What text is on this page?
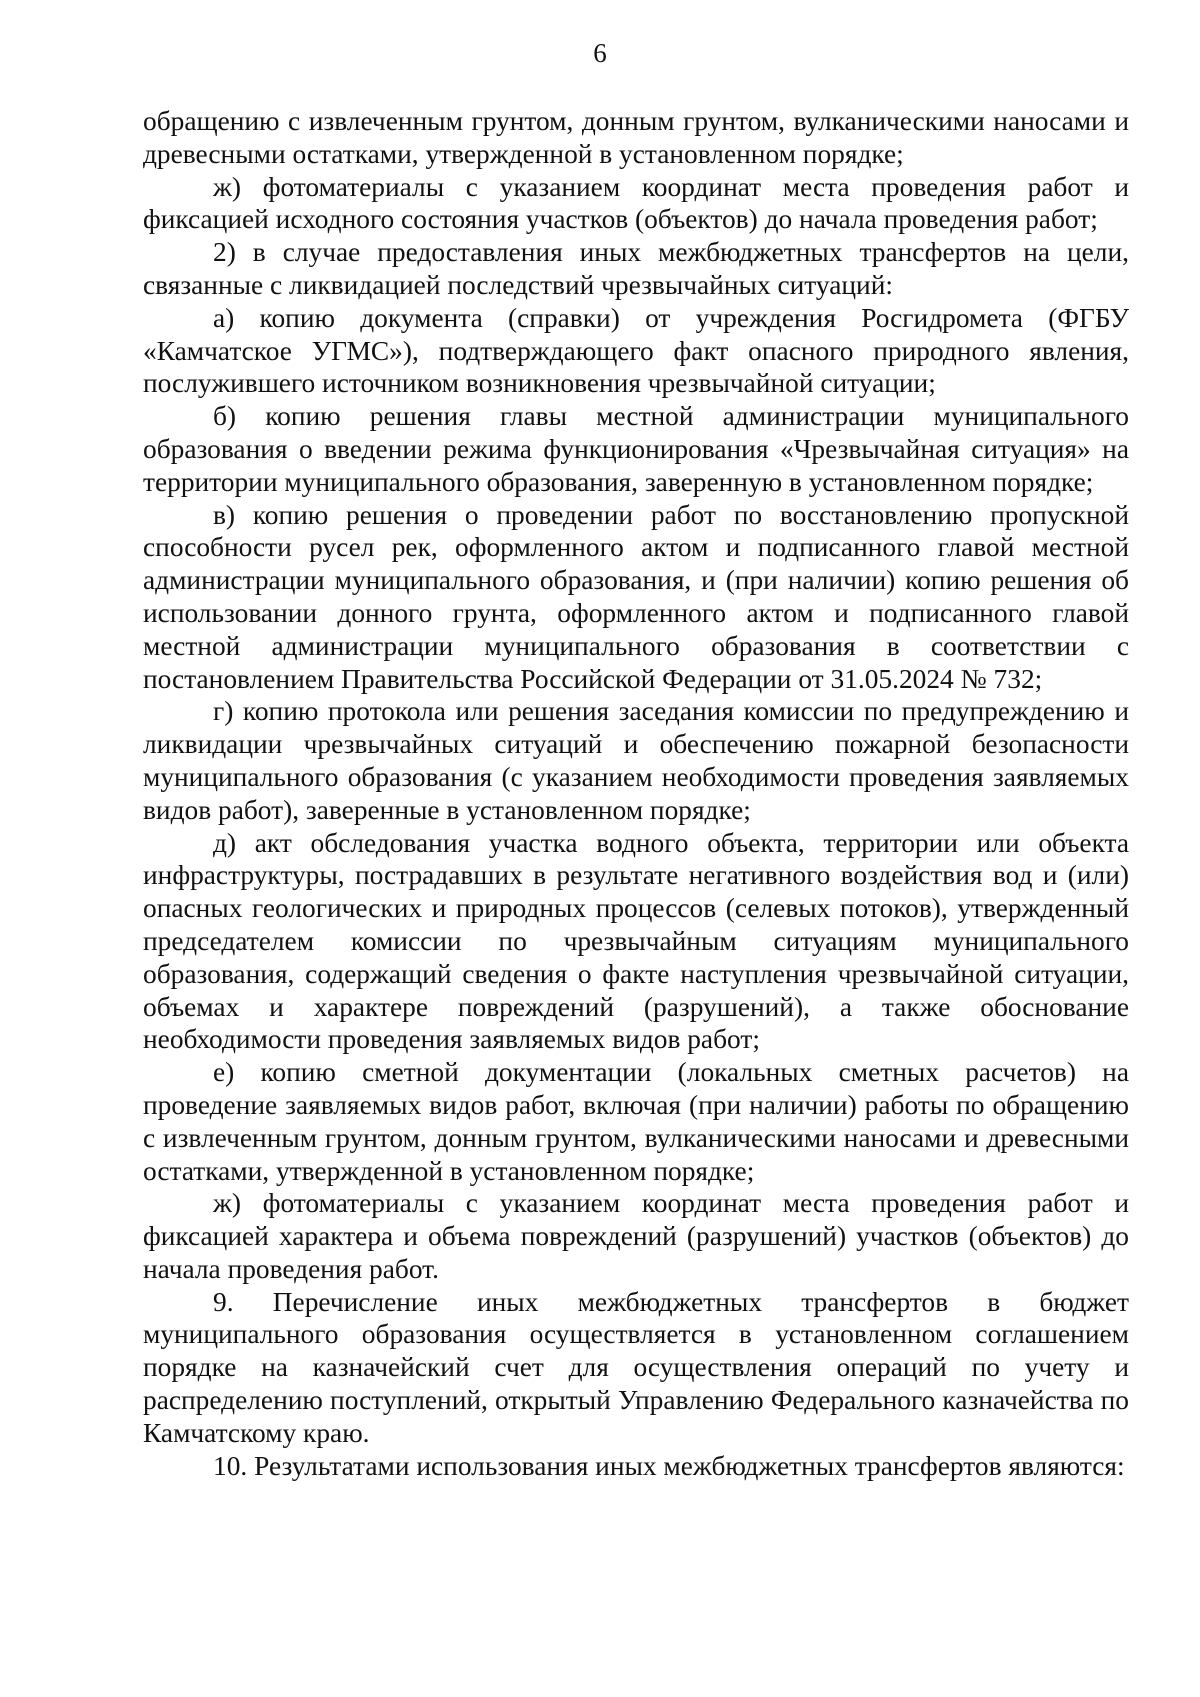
6

обращению с извлеченным грунтом, донным грунтом, вулканическими наносами и древесными остатками, утвержденной в установленном порядке;

ж) фотоматериалы с указанием координат места проведения работ и фиксацией исходного состояния участков (объектов) до начала проведения работ;

2) в случае предоставления иных межбюджетных трансфертов на цели, связанные с ликвидацией последствий чрезвычайных ситуаций:

а) копию документа (справки) от учреждения Росгидромета (ФГБУ «Камчатское УГМС»), подтверждающего факт опасного природного явления, послужившего источником возникновения чрезвычайной ситуации;

б) копию решения главы местной администрации муниципального образования о введении режима функционирования «Чрезвычайная ситуация» на территории муниципального образования, заверенную в установленном порядке;

в) копию решения о проведении работ по восстановлению пропускной способности русел рек, оформленного актом и подписанного главой местной администрации муниципального образования, и (при наличии) копию решения об использовании донного грунта, оформленного актом и подписанного главой местной администрации муниципального образования в соответствии с постановлением Правительства Российской Федерации от 31.05.2024 № 732;

г) копию протокола или решения заседания комиссии по предупреждению и ликвидации чрезвычайных ситуаций и обеспечению пожарной безопасности муниципального образования (с указанием необходимости проведения заявляемых видов работ), заверенные в установленном порядке;

д) акт обследования участка водного объекта, территории или объекта инфраструктуры, пострадавших в результате негативного воздействия вод и (или) опасных геологических и природных процессов (селевых потоков), утвержденный председателем комиссии по чрезвычайным ситуациям муниципального образования, содержащий сведения о факте наступления чрезвычайной ситуации, объемах и характере повреждений (разрушений), а также обоснование необходимости проведения заявляемых видов работ;

е) копию сметной документации (локальных сметных расчетов) на проведение заявляемых видов работ, включая (при наличии) работы по обращению с извлеченным грунтом, донным грунтом, вулканическими наносами и древесными остатками, утвержденной в установленном порядке;

ж) фотоматериалы с указанием координат места проведения работ и фиксацией характера и объема повреждений (разрушений) участков (объектов) до начала проведения работ.

9. Перечисление иных межбюджетных трансфертов в бюджет муниципального образования осуществляется в установленном соглашением порядке на казначейский счет для осуществления операций по учету и распределению поступлений, открытый Управлению Федерального казначейства по Камчатскому краю.

10. Результатами использования иных межбюджетных трансфертов являются:
